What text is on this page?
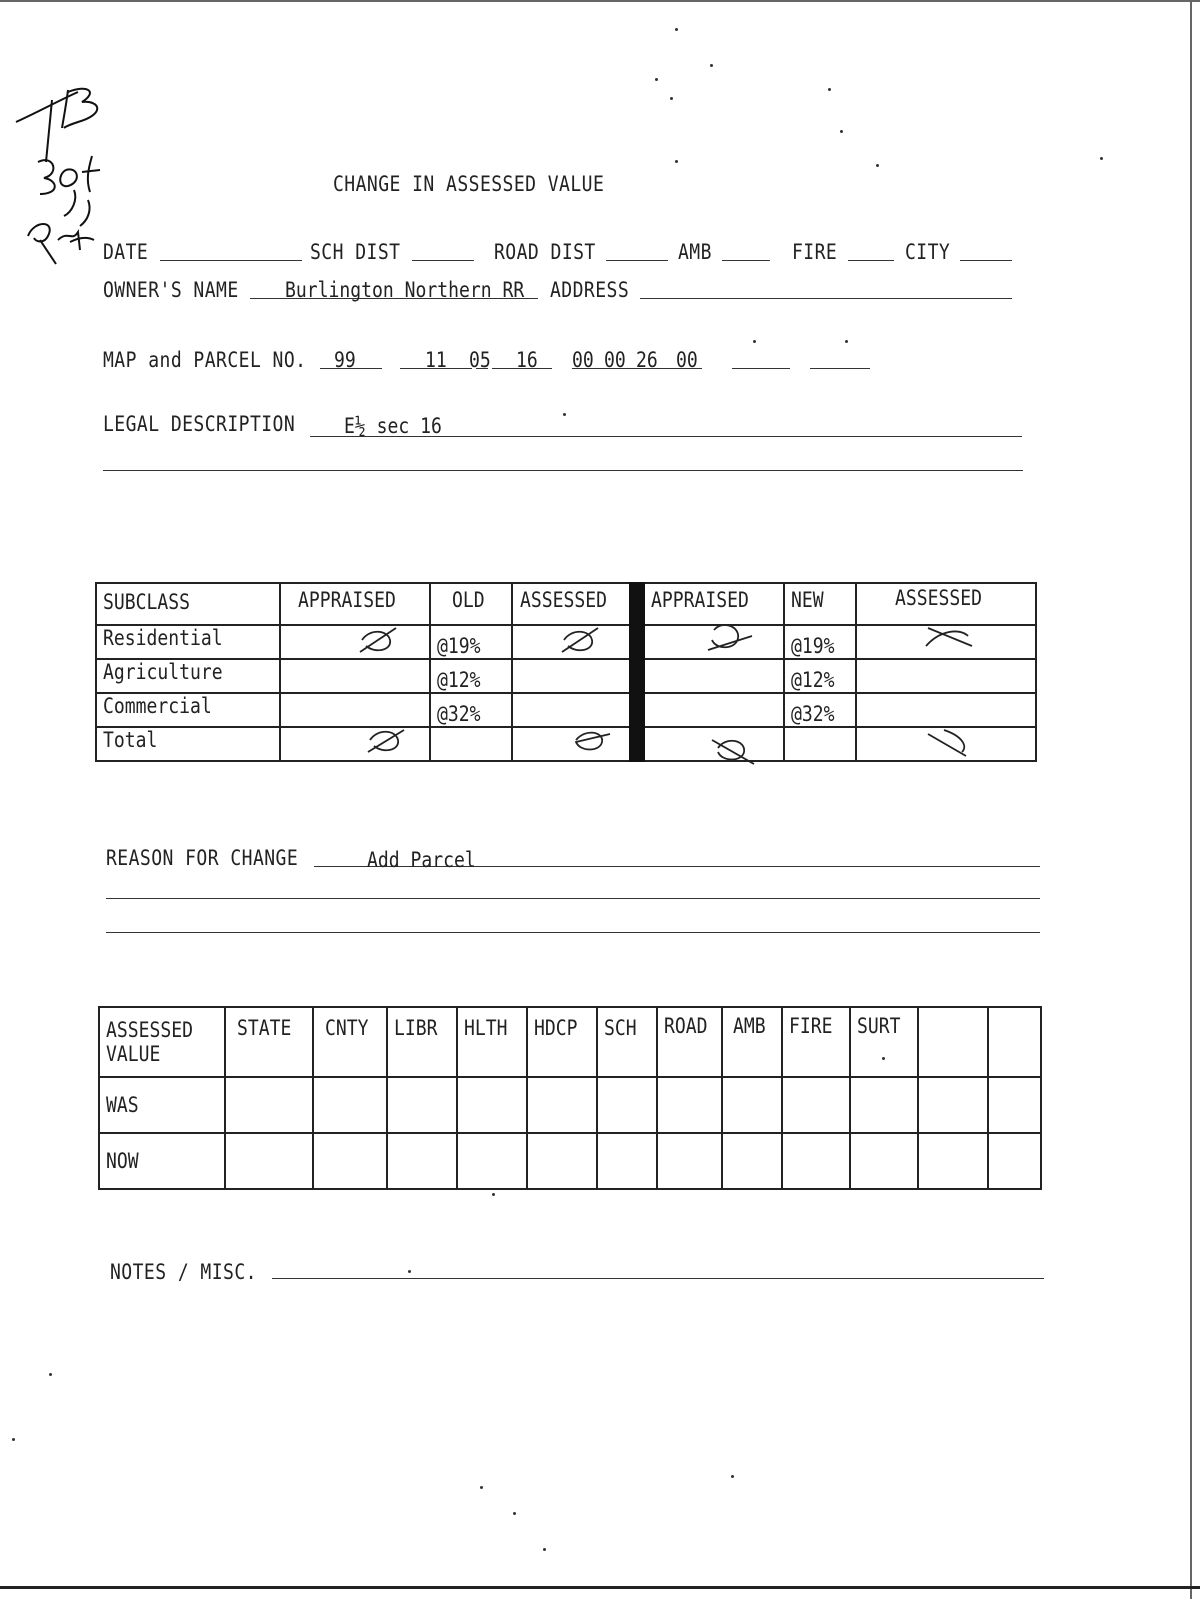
CHANGE IN ASSESSED VALUE
DATE	SCH DIST	ROAD DIST	AMB	FIRE	CITY
OWNER'S NAME Burlington Northern RR ADDRESS
MAP and PARCEL NO. 99	11 05 16 00 00 26 00
LEGAL DESCRIPTION E½ sec 16
SUBCLASS	APPRAISED	OLD	ASSESSED	APPRAISED	NEW	ASSESSED
Residential		@19%			@19%	
Agriculture		@12%			@12%	
Commercial		@32%			@32%	
Total						
REASON FOR CHANGE	Add Parcel
ASSESSED VALUE	STATE	CNTY	LIBR	HLTH	HDCP	SCH	ROAD	AMB	FIRE	SURT		
WAS												
NOW												
NOTES / MISC.
